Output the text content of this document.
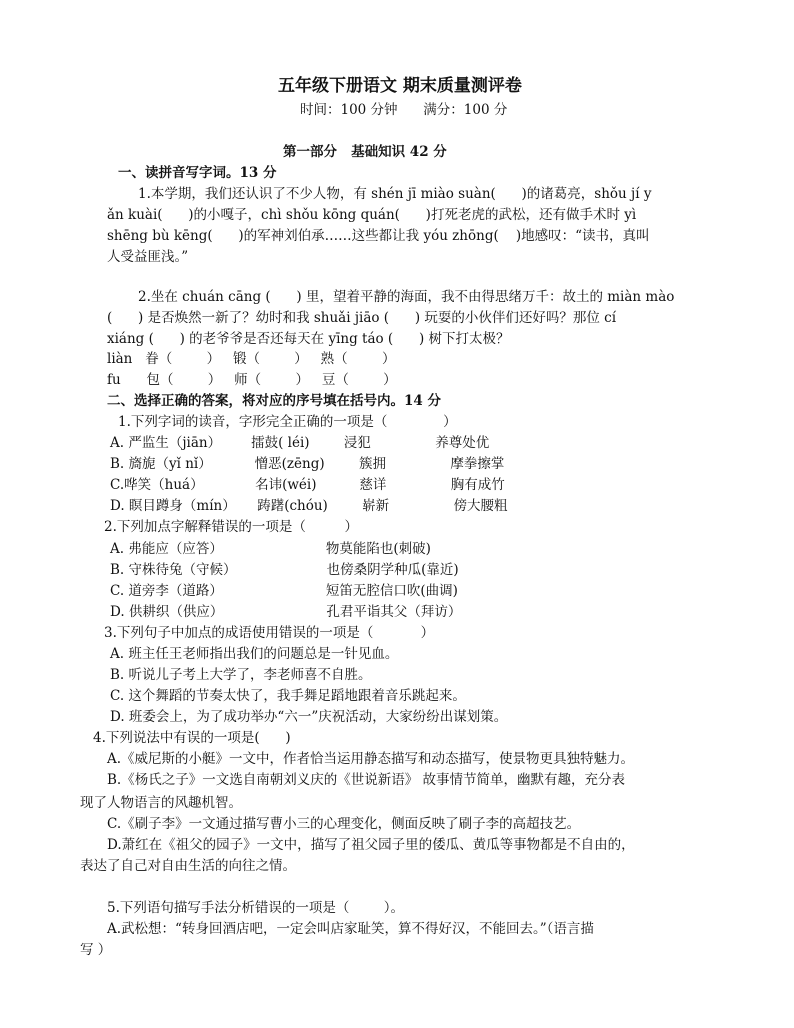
五年级下册语文 期末质量测评卷
时间：100 分钟      满分：100 分
第一部分   基础知识 42 分
一、读拼音写字词。13 分
1.本学期，我们还认识了不少人物，有 shén jī miào suàn(      )的诸葛亮，shǒu jí y
ǎn kuài(      )的小嘎子，chì shǒu kōng quán(      )打死老虎的武松，还有做手术时 yì
shēng bù kēng(      )的军神刘伯承……这些都让我 yóu zhōng(    )地感叹：“读书，真叫
人受益匪浅。”
2.坐在 chuán cāng (      ) 里，望着平静的海面，我不由得思绪万千：故土的 miàn mào
(      ) 是否焕然一新了？幼时和我 shuǎi jiāo (      ) 玩耍的小伙伴们还好吗？那位 cí
xiáng (      ) 的老爷爷是否还每天在 yīng táo (      ) 树下打太极？
liàn   眷（        ）   锻（        ）   熟（        ）
fu      包（        ）   师（        ）   豆（        ）
二、选择正确的答案，将对应的序号填在括号内。14 分
1.下列字词的读音，字形完全正确的一项是（             ）
A. 严监生（jiān）       擂鼓( léi)        浸犯               养尊处优
B. 旖旎（yǐ nǐ）          憎恶(zēng)        簇拥               摩拳擦掌
C.哗笑（huá）            名讳(wéi)          慈详               胸有成竹
D. 瞑目蹲身（mín）     踌躇(chóu)        崭新               傍大腰粗
2.下列加点字解释错误的一项是（         ）
A. 弗能应（应答）                        物莫能陷也(刺破)
B. 守株待兔（守候）                     也傍桑阴学种瓜(靠近)
C. 道旁李（道路）                        短笛无腔信口吹(曲调)
D. 供耕织（供应）                        孔君平诣其父（拜访）
3.下列句子中加点的成语使用错误的一项是（           ）
A. 班主任王老师指出我们的问题总是一针见血。
B. 听说儿子考上大学了，李老师喜不自胜。
C. 这个舞蹈的节奏太快了，我手舞足蹈地跟着音乐跳起来。
D. 班委会上，为了成功举办“六一”庆祝活动，大家纷纷出谋划策。
4.下列说法中有误的一项是(      )
A.《威尼斯的小艇》一文中，作者恰当运用静态描写和动态描写，使景物更具独特魅力。
B.《杨氏之子》一文选自南朝刘义庆的《世说新语》 故事情节简单，幽默有趣，充分表
现了人物语言的风趣机智。
C.《刷子李》一文通过描写曹小三的心理变化，侧面反映了刷子李的高超技艺。
D.萧红在《祖父的园子》一文中，描写了祖父园子里的倭瓜、黄瓜等事物都是不自由的，
表达了自己对自由生活的向往之情。
5.下列语句描写手法分析错误的一项是（        ）。
A.武松想：“转身回酒店吧，一定会叫店家耻笑，算不得好汉，不能回去。”（语言描
写 ）
